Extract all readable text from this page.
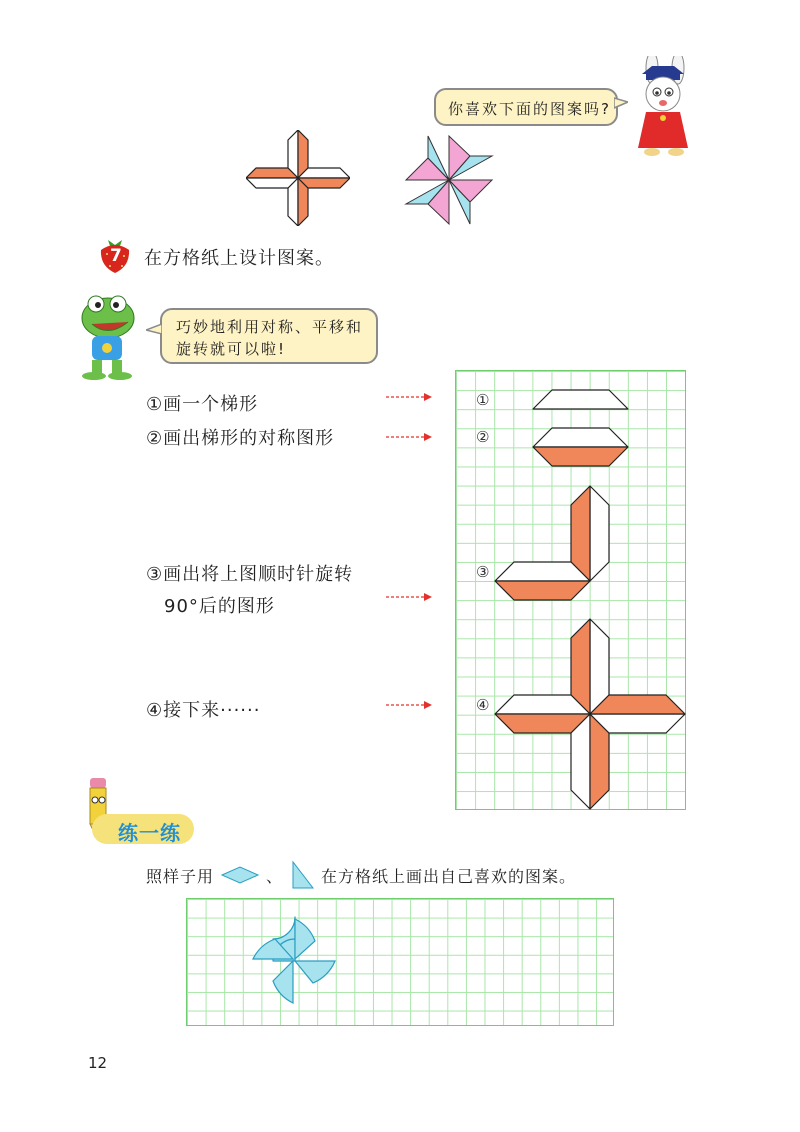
你喜欢下面的图案吗?
7 在方格纸上设计图案。
巧妙地利用对称、平移和
旋转就可以啦!
①画一个梯形
②画出梯形的对称图形
③画出将上图顺时针旋转
90°后的图形
④接下来······
①
②
③
④
练一练
照样子用	、 在方格纸上画出自己喜欢的图案。
12
